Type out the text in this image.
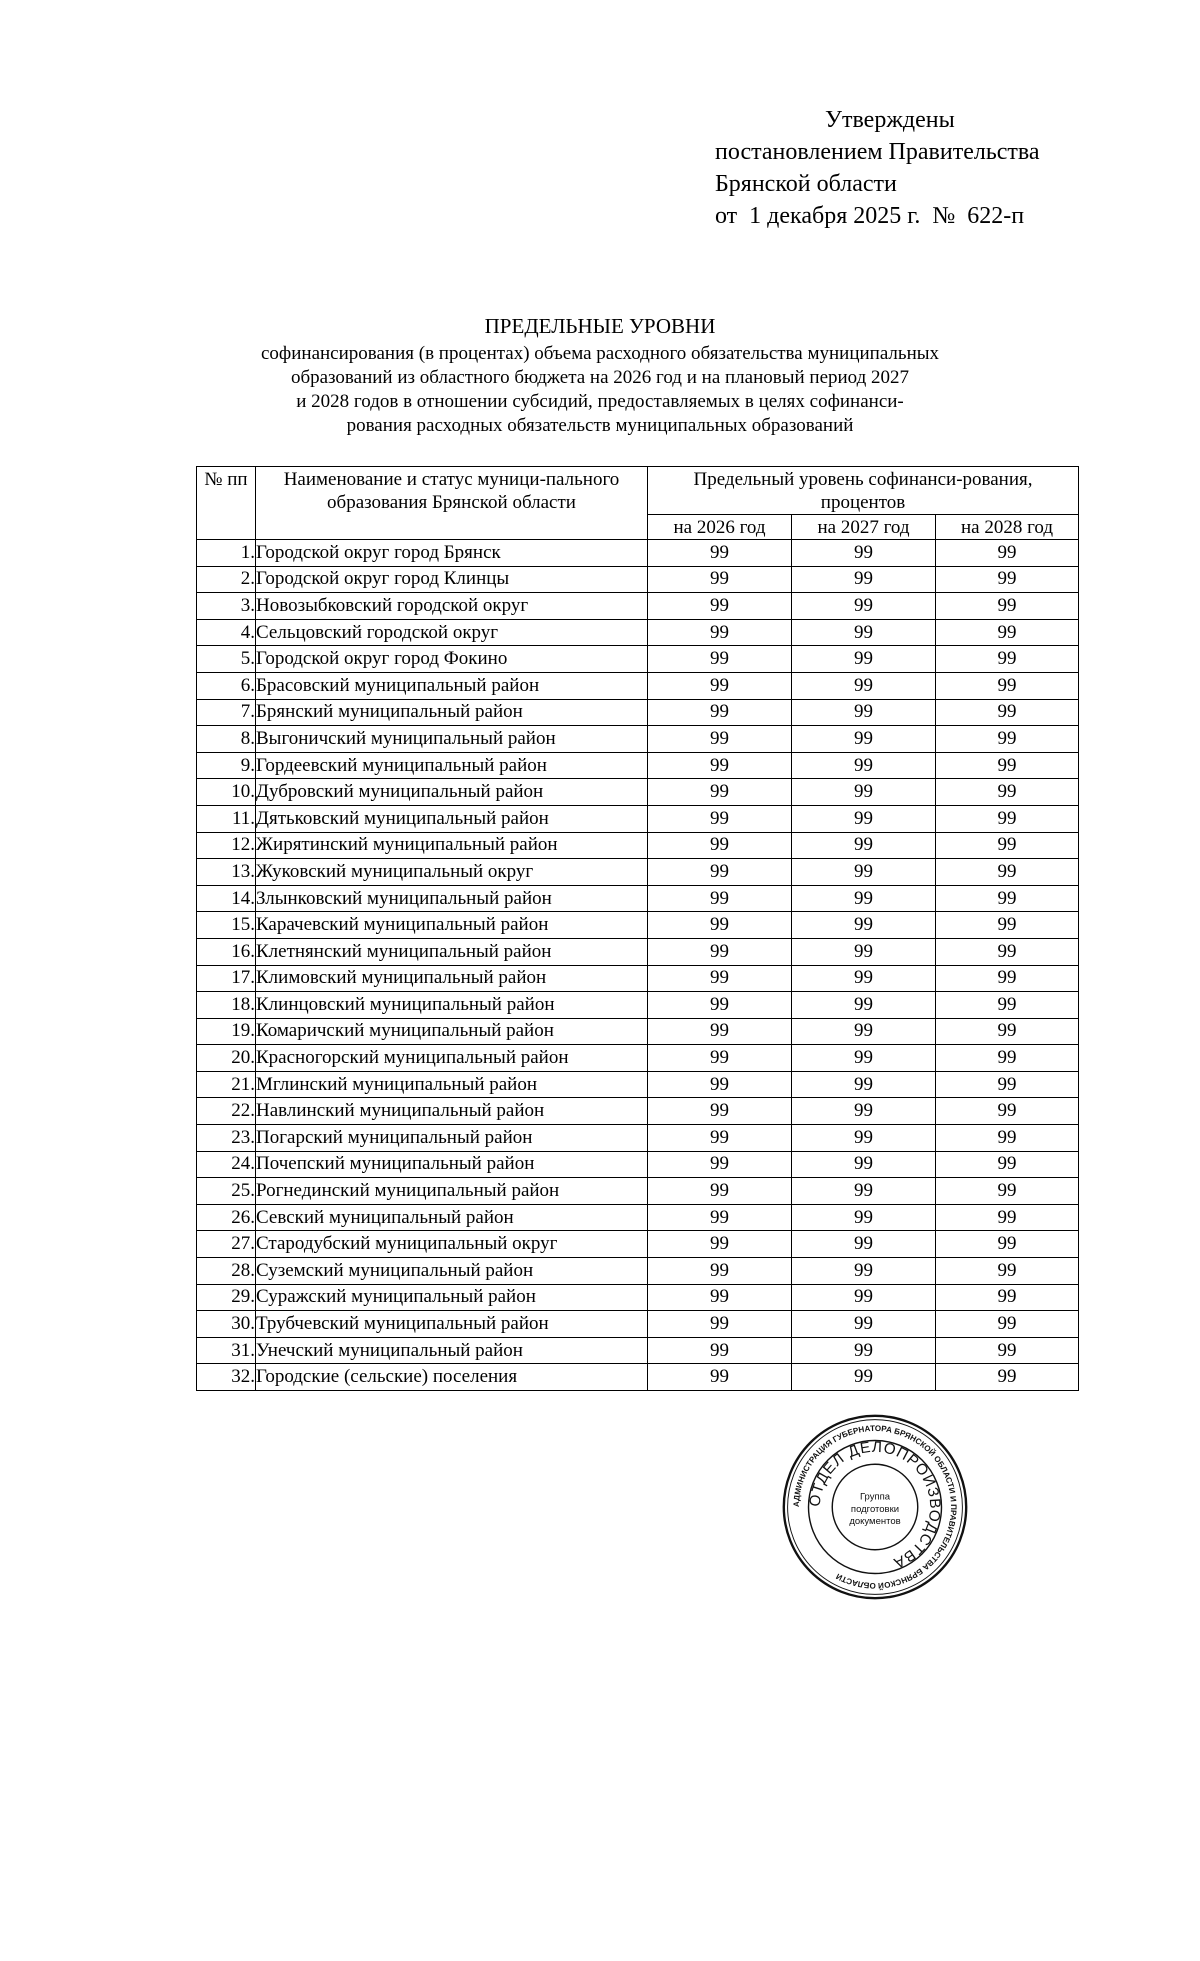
Утверждены
постановлением Правительства
Брянской области
от  1 декабря 2025 г.  №  622-п
ПРЕДЕЛЬНЫЕ УРОВНИ
софинансирования (в процентах) объема расходного обязательства муниципальных
образований из областного бюджета на 2026 год и на плановый период 2027
и 2028 годов в отношении субсидий, предоставляемых в целях софинанси-
рования расходных обязательств муниципальных образований
№ пп	Наименование и статус муници-пального образования Брянской области	Предельный уровень софинанси-рования, процентов		
		на 2026 год	на 2027 год	на 2028 год
1.	Городской округ город Брянск	99	99	99
2.	Городской округ город Клинцы	99	99	99
3.	Новозыбковский городской округ	99	99	99
4.	Сельцовский городской округ	99	99	99
5.	Городской округ город Фокино	99	99	99
6.	Брасовский муниципальный район	99	99	99
7.	Брянский муниципальный район	99	99	99
8.	Выгоничский муниципальный район	99	99	99
9.	Гордеевский муниципальный район	99	99	99
10.	Дубровский муниципальный район	99	99	99
11.	Дятьковский муниципальный район	99	99	99
12.	Жирятинский муниципальный район	99	99	99
13.	Жуковский муниципальный округ	99	99	99
14.	Злынковский муниципальный район	99	99	99
15.	Карачевский муниципальный район	99	99	99
16.	Клетнянский муниципальный район	99	99	99
17.	Климовский муниципальный район	99	99	99
18.	Клинцовский муниципальный район	99	99	99
19.	Комаричский муниципальный район	99	99	99
20.	Красногорский муниципальный район	99	99	99
21.	Мглинский муниципальный район	99	99	99
22.	Навлинский муниципальный район	99	99	99
23.	Погарский муниципальный район	99	99	99
24.	Почепский муниципальный район	99	99	99
25.	Рогнединский муниципальный район	99	99	99
26.	Севский муниципальный район	99	99	99
27.	Стародубский муниципальный округ	99	99	99
28.	Суземский муниципальный район	99	99	99
29.	Суражский муниципальный район	99	99	99
30.	Трубчевский муниципальный район	99	99	99
31.	Унечский муниципальный район	99	99	99
32.	Городские (сельские) поселения	99	99	99
АДМИНИСТРАЦИЯ ГУБЕРНАТОРА БРЯНСКОЙ ОБЛАСТИ И ПРАВИТЕЛЬСТВА БРЯНСКОЙ ОБЛАСТИ
ОТДЕЛ ДЕЛОПРОИЗВОДСТВА
Группа
подготовки
документов
